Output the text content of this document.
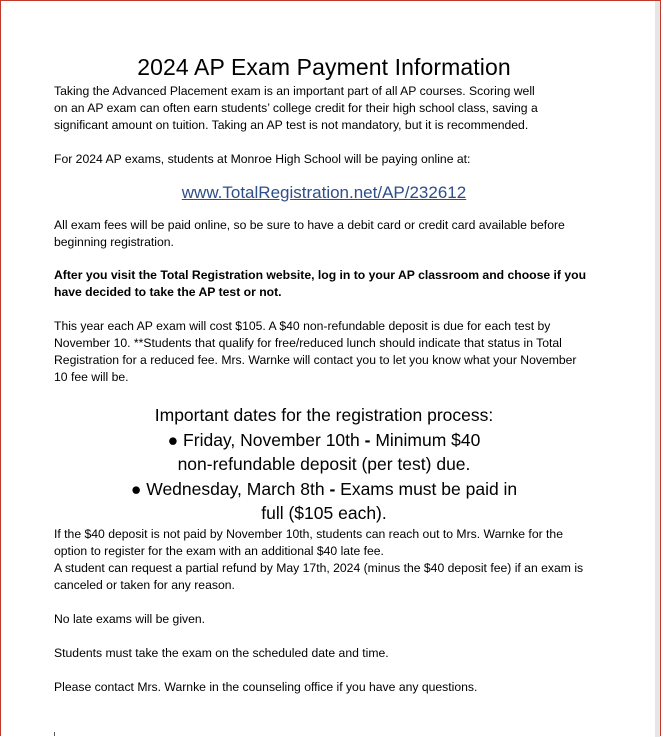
2024 AP Exam Payment Information

Taking the Advanced Placement exam is an important part of all AP courses. Scoring well on an AP exam can often earn students’ college credit for their high school class, saving a significant amount on tuition. Taking an AP test is not mandatory, but it is recommended.

For 2024 AP exams, students at Monroe High School will be paying online at:

www.TotalRegistration.net/AP/232612

All exam fees will be paid online, so be sure to have a debit card or credit card available before beginning registration.

After you visit the Total Registration website, log in to your AP classroom and choose if you have decided to take the AP test or not.

This year each AP exam will cost $105. A $40 non-refundable deposit is due for each test by November 10. **Students that qualify for free/reduced lunch should indicate that status in Total Registration for a reduced fee. Mrs. Warnke will contact you to let you know what your November 10 fee will be.

Important dates for the registration process:
● Friday, November 10th - Minimum $40
non-refundable deposit (per test) due.
● Wednesday, March 8th - Exams must be paid in
full ($105 each).

If the $40 deposit is not paid by November 10th, students can reach out to Mrs. Warnke for the option to register for the exam with an additional $40 late fee.

A student can request a partial refund by May 17th, 2024 (minus the $40 deposit fee) if an exam is canceled or taken for any reason.

No late exams will be given.

Students must take the exam on the scheduled date and time.

Please contact Mrs. Warnke in the counseling office if you have any questions.
